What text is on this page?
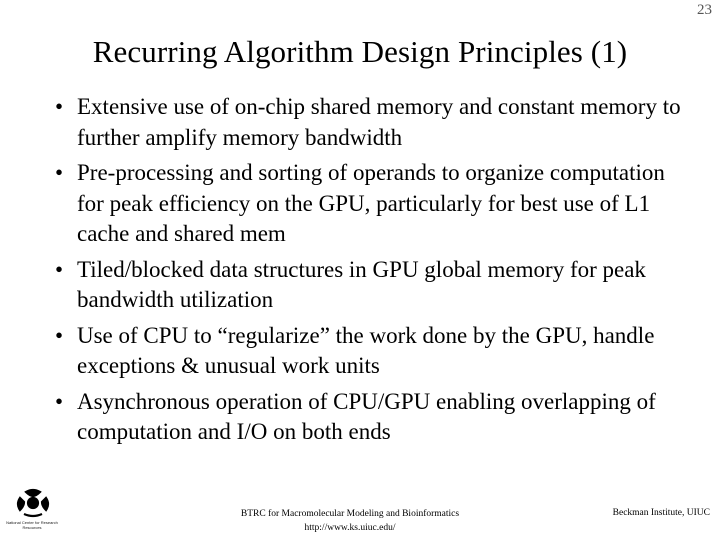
23
Recurring Algorithm Design Principles (1)
• Extensive use of on-chip shared memory and constant memory to further amplify memory bandwidth
• Pre-processing and sorting of operands to organize computation for peak efficiency on the GPU, particularly for best use of L1 cache and shared mem
• Tiled/blocked data structures in GPU global memory for peak bandwidth utilization
• Use of CPU to “regularize” the work done by the GPU, handle exceptions & unusual work units
• Asynchronous operation of CPU/GPU enabling overlapping of computation and I/O on both ends
National Center for Research Resources
BTRC for Macromolecular Modeling and Bioinformatics
http://www.ks.uiuc.edu/
Beckman Institute, UIUC
